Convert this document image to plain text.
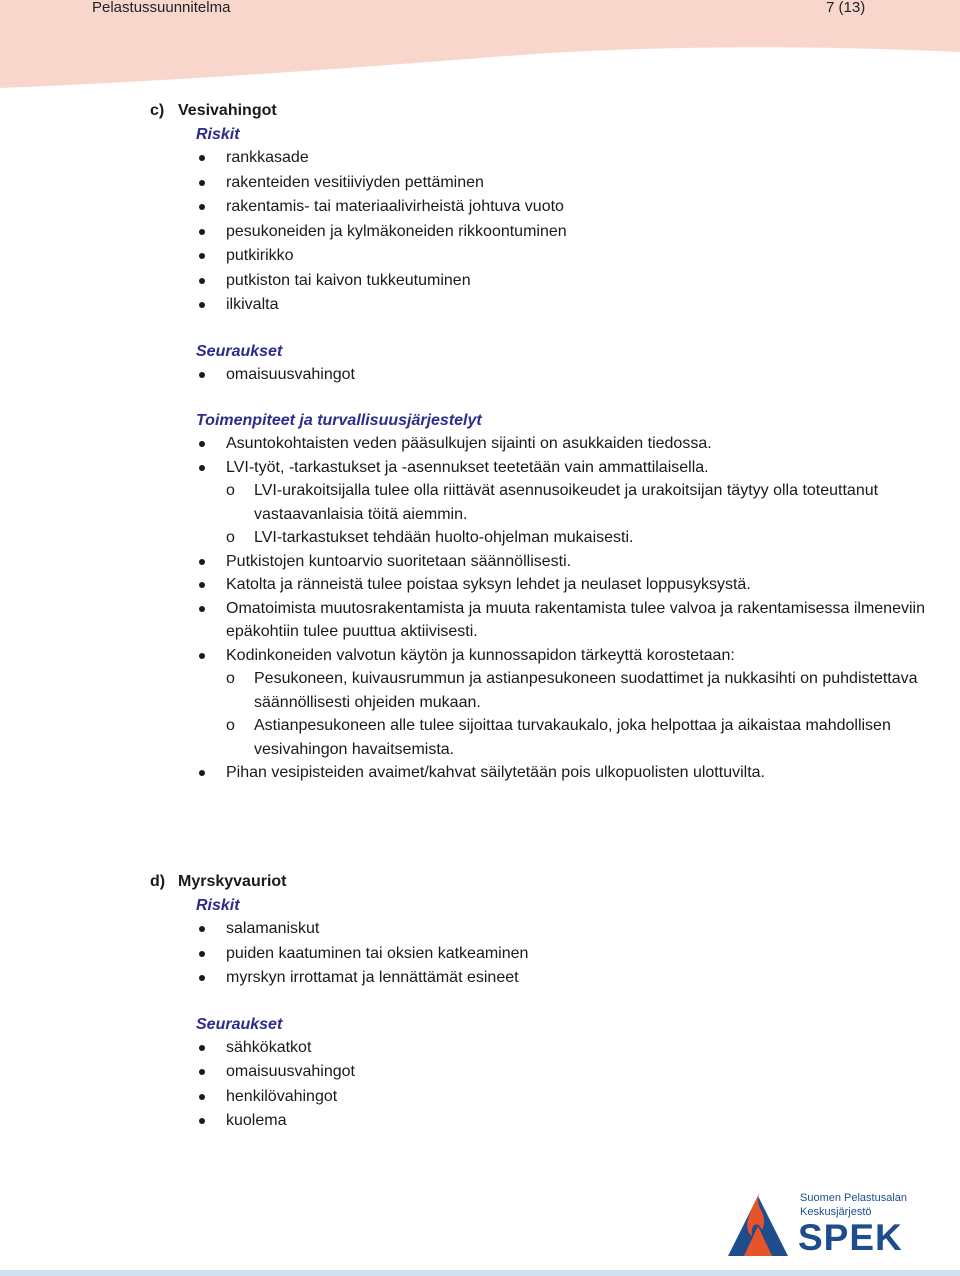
Pelastussuunnitelma	7 (13)
c) Vesivahingot
Riskit
rankkasade
rakenteiden vesitiiviyden pettäminen
rakentamis- tai materiaalivirheistä johtuva vuoto
pesukoneiden ja kylmäkoneiden rikkoontuminen
putkirikko
putkiston tai kaivon tukkeutuminen
ilkivalta
Seuraukset
omaisuusvahingot
Toimenpiteet ja turvallisuusjärjestelyt
Asuntokohtaisten veden pääsulkujen sijainti on asukkaiden tiedossa.
LVI-työt, -tarkastukset ja -asennukset teetetään vain ammattilaisella.
o LVI-urakoitsijalla tulee olla riittävät asennusoikeudet ja urakoitsijan täytyy olla toteuttanut vastaavanlaisia töitä aiemmin.
o LVI-tarkastukset tehdään huolto-ohjelman mukaisesti.
Putkistojen kuntoarvio suoritetaan säännöllisesti.
Katolta ja ränneistä tulee poistaa syksyn lehdet ja neulaset loppusyksystä.
Omatoimista muutosrakentamista ja muuta rakentamista tulee valvoa ja rakentamisessa ilmeneviin epäkohtiin tulee puuttua aktiivisesti.
Kodinkoneiden valvotun käytön ja kunnossapidon tärkeyttä korostetaan:
o Pesukoneen, kuivausrummun ja astianpesukoneen suodattimet ja nukkasihti on puhdistettava säännöllisesti ohjeiden mukaan.
o Astianpesukoneen alle tulee sijoittaa turvakaukalo, joka helpottaa ja aikaistaa mahdollisen vesivahingon havaitsemista.
Pihan vesipisteiden avaimet/kahvat säilytetään pois ulkopuolisten ulottuvilta.
d) Myrskyvauriot
Riskit
salamaniskut
puiden kaatuminen tai oksien katkeaminen
myrskyn irrottamat ja lennättämät esineet
Seuraukset
sähkökatkot
omaisuusvahingot
henkilövahingot
kuolema
Suomen Pelastusalan
Keskusjärjestö
SPEK
